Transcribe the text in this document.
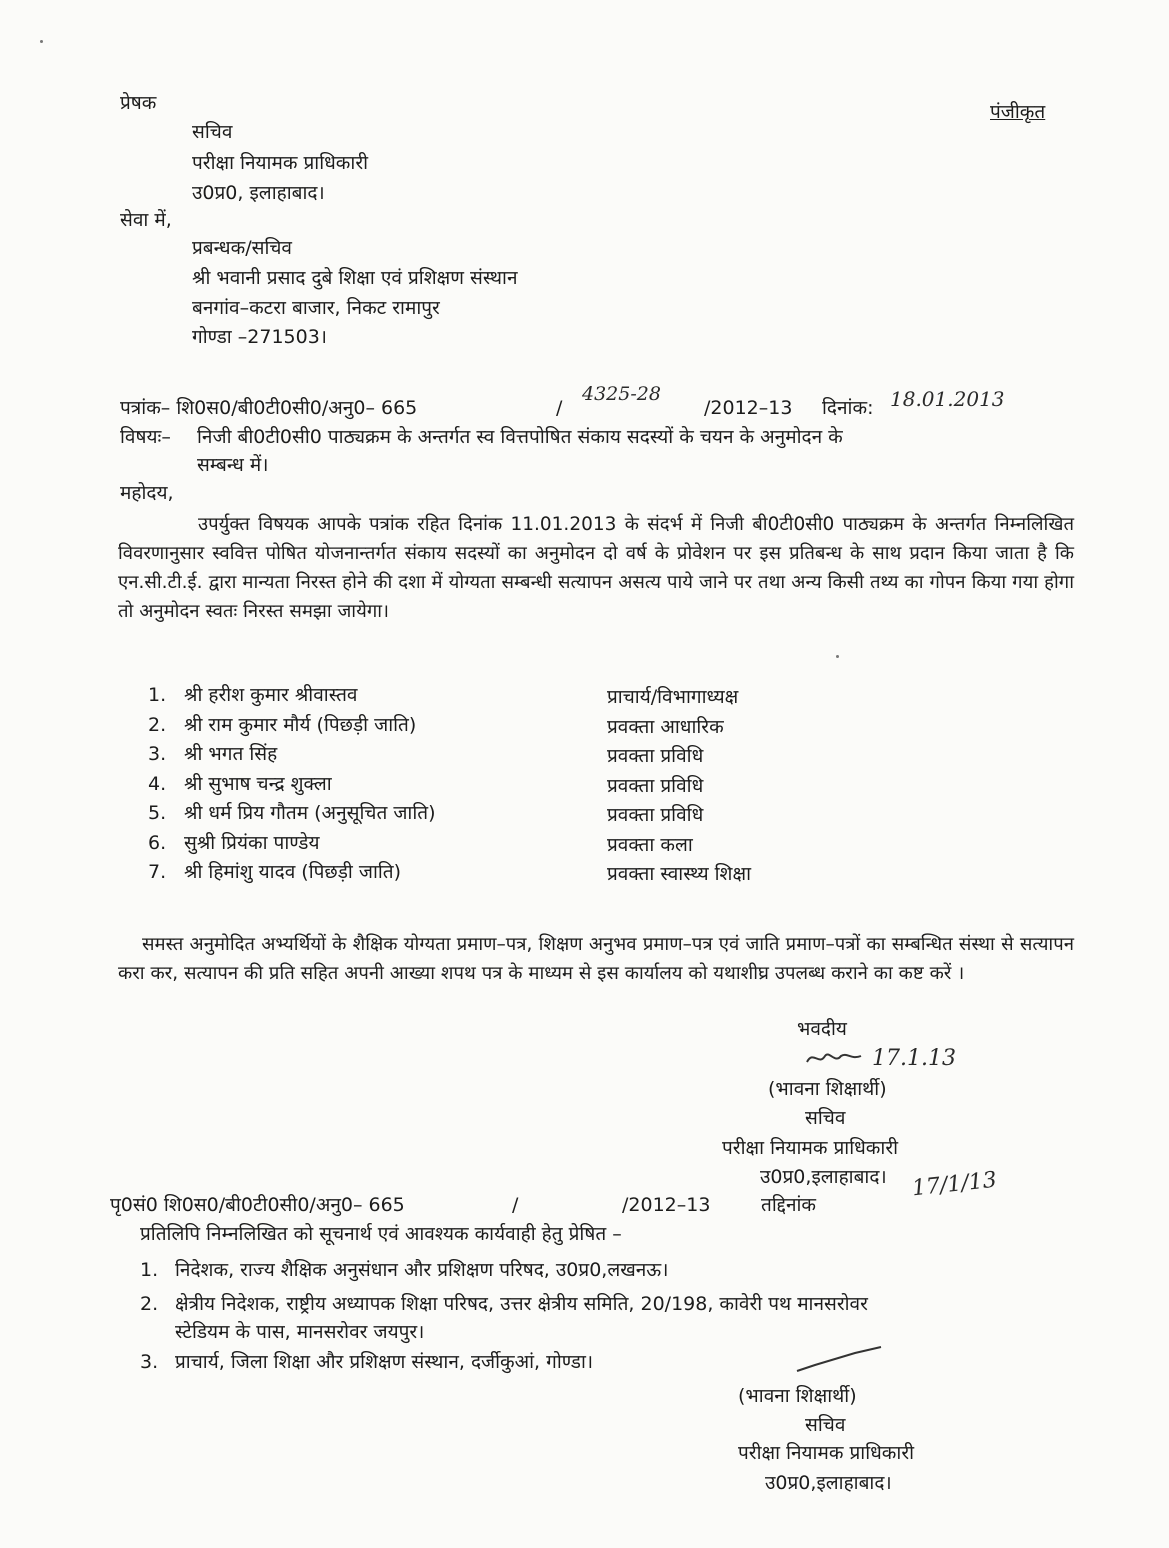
प्रेषक	पंजीकृत
सचिव
परीक्षा नियामक प्राधिकारी
उ0प्र0, इलाहाबाद।
सेवा में,
प्रबन्धक/सचिव
श्री भवानी प्रसाद दुबे शिक्षा एवं प्रशिक्षण संस्थान
बनगांव–कटरा बाजार, निकट रामापुर
गोण्डा –271503।
पत्रांक– शि0स0/बी0टी0सी0/अनु0– 665	/
4325-28
/2012–13 दिनांक: 18.01.2013
विषयः– निजी बी0टी0सी0 पाठ्यक्रम के अन्तर्गत स्व वित्तपोषित संकाय सदस्यों के चयन के अनुमोदन के
सम्बन्ध में।
महोदय,
उपर्युक्त विषयक आपके पत्रांक रहित दिनांक 11.01.2013 के संदर्भ में निजी बी0टी0सी0 पाठ्यक्रम के अन्तर्गत निम्नलिखित विवरणानुसार स्ववित्त पोषित योजनान्तर्गत संकाय सदस्यों का अनुमोदन दो वर्ष के प्रोवेशन पर इस प्रतिबन्ध के साथ प्रदान किया जाता है कि एन.सी.टी.ई. द्वारा मान्यता निरस्त होने की दशा में योग्यता सम्बन्धी सत्यापन असत्य पाये जाने पर तथा अन्य किसी तथ्य का गोपन किया गया होगा तो अनुमोदन स्वतः निरस्त समझा जायेगा।
1. श्री हरीश कुमार श्रीवास्तव	प्राचार्य/विभागाध्यक्ष
2. श्री राम कुमार मौर्य (पिछड़ी जाति)	प्रवक्ता आधारिक
3. श्री भगत सिंह	प्रवक्ता प्रविधि
4. श्री सुभाष चन्द्र शुक्ला	प्रवक्ता प्रविधि
5. श्री धर्म प्रिय गौतम (अनुसूचित जाति)	प्रवक्ता प्रविधि
6. सुश्री प्रियंका पाण्डेय	प्रवक्ता कला
7. श्री हिमांशु यादव (पिछड़ी जाति)	प्रवक्ता स्वास्थ्य शिक्षा
समस्त अनुमोदित अभ्यर्थियों के शैक्षिक योग्यता प्रमाण–पत्र, शिक्षण अनुभव प्रमाण–पत्र एवं जाति प्रमाण–पत्रों का सम्बन्धित संस्था से सत्यापन करा कर, सत्यापन की प्रति सहित अपनी आख्या शपथ पत्र के माध्यम से इस कार्यालय को यथाशीघ्र उपलब्ध कराने का कष्ट करें ।
भवदीय
17.1.13
(भावना शिक्षार्थी)
सचिव
परीक्षा नियामक प्राधिकारी
उ0प्र0,इलाहाबाद। 17/1/13
पृ0सं0 शि0स0/बी0टी0सी0/अनु0– 665	/	/2012–13	तद्दिनांक
प्रतिलिपि निम्नलिखित को सूचनार्थ एवं आवश्यक कार्यवाही हेतु प्रेषित –
1. निदेशक, राज्य शैक्षिक अनुसंधान और प्रशिक्षण परिषद, उ0प्र0,लखनऊ।
2. क्षेत्रीय निदेशक, राष्ट्रीय अध्यापक शिक्षा परिषद, उत्तर क्षेत्रीय समिति, 20/198, कावेरी पथ मानसरोवर
स्टेडियम के पास, मानसरोवर जयपुर।
3. प्राचार्य, जिला शिक्षा और प्रशिक्षण संस्थान, दर्जीकुआं, गोण्डा।
(भावना शिक्षार्थी)
सचिव
परीक्षा नियामक प्राधिकारी
उ0प्र0,इलाहाबाद।
